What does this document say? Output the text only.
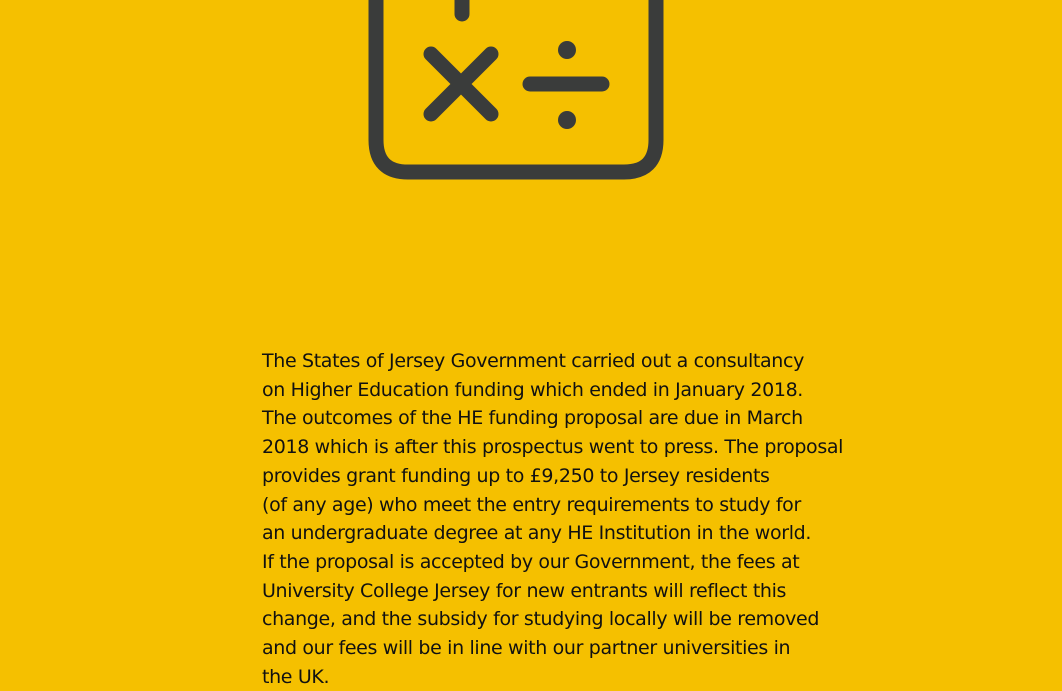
The States of Jersey Government carried out a consultancy
on Higher Education funding which ended in January 2018.
The outcomes of the HE funding proposal are due in March
2018 which is after this prospectus went to press. The proposal
provides grant funding up to £9,250 to Jersey residents
(of any age) who meet the entry requirements to study for
an undergraduate degree at any HE Institution in the world.
If the proposal is accepted by our Government, the fees at
University College Jersey for new entrants will reflect this
change, and the subsidy for studying locally will be removed
and our fees will be in line with our partner universities in
the UK.
